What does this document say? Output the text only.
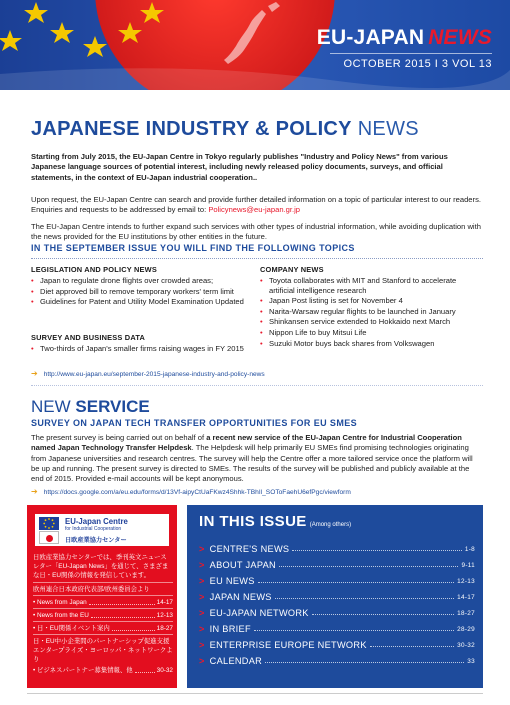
EU-JAPAN NEWS
OCTOBER 2015 I 3 VOL 13
JAPANESE INDUSTRY & POLICY NEWS
Starting from July 2015, the EU-Japan Centre in Tokyo regularly publishes "Industry and Policy News" from various Japanese language sources of potential interest, including newly released policy documents, surveys, and official statements, in the context of EU-Japan industrial cooperation..
Upon request, the EU-Japan Centre can search and provide further detailed information on a topic of particular interest to our readers. Enquiries and requests to be addressed by email to: Policynews@eu-japan.gr.jp
The EU-Japan Centre intends to further expand such services with other types of industrial information, while avoiding duplication with the news provided for the EU institutions by other entities in the future.
IN THE SEPTEMBER ISSUE YOU WILL FIND THE FOLLOWING TOPICS
LEGISLATION AND POLICY NEWS
• Japan to regulate drone flights over crowded areas;
• Diet approved bill to remove temporary workers' term limit
• Guidelines for Patent and Utility Model Examination Updated
SURVEY AND BUSINESS DATA
• Two-thirds of Japan's smaller firms raising wages in FY 2015
COMPANY NEWS
• Toyota collaborates with MIT and Stanford to accelerate artificial intelligence research
• Japan Post listing is set for November 4
• Narita-Warsaw regular flights to be launched in January
• Shinkansen service extended to Hokkaido next March
• Nippon Life to buy Mitsui Life
• Suzuki Motor buys back shares from Volkswagen
➔ http://www.eu-japan.eu/september-2015-japanese-industry-and-policy-news
NEW SERVICE
SURVEY ON JAPAN TECH TRANSFER OPPORTUNITIES FOR EU SMES
The present survey is being carried out on behalf of a recent new service of the EU-Japan Centre for Industrial Cooperation named Japan Technology Transfer Helpdesk. The Helpdesk will help primarily EU SMEs find promising technologies originating from Japanese universities and research centres. The survey will help the Centre offer a more tailored service once the platform will be up and running. The present survey is directed to SMEs. The results of the survey will be published and publicly available at the end of 2015. Provided e-mail accounts will be kept anonymous.
➔ https://docs.google.com/a/eu.edu/forms/d/13Vf-aipyCtUaFKwz4Shhk-TBhIl_SOToFaehU6efPgc/viewform
EU-Japan Centre
for Industrial Cooperation
日欧産業協力センター
日欧産業協力センターでは、季刊英文ニュースレター「EU-Japan News」を通じて、さまざまな日・EU関係の情報を発信しています。
欧州連合日本政府代表部/欧州委員会より
• News from Japan	14-17
• News from the EU	12-13
• 日・EU関係イベント案内	18-27
日・EU中小企業間のパートナーシップ促進支援エンタープライズ・ヨーロッパ・ネットワークより
• ビジネスパートナー募集情報、他	30-32
IN THIS ISSUE (Among others)
> CENTRE'S NEWS	1-8
> ABOUT JAPAN	9-11
> EU NEWS	12-13
> JAPAN NEWS	14-17
> EU-JAPAN NETWORK	18-27
> IN BRIEF	28-29
> ENTERPRISE EUROPE NETWORK	30-32
> CALENDAR	33
